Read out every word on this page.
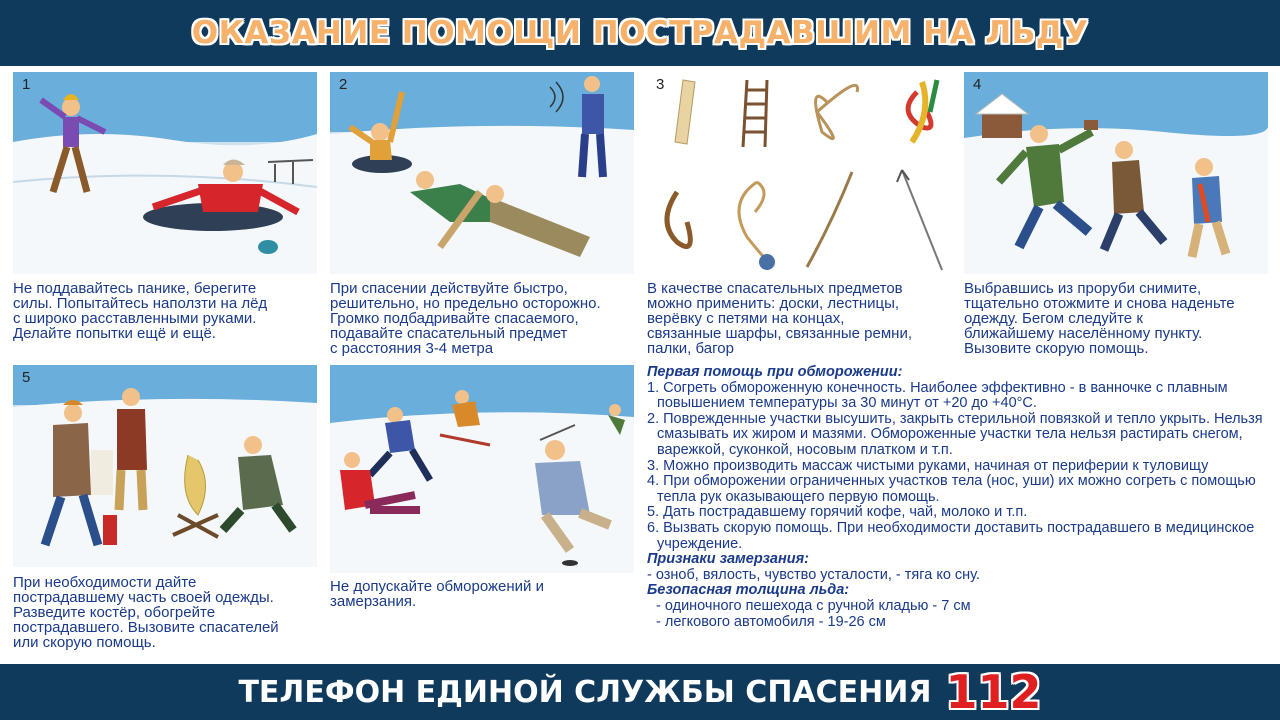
ОКАЗАНИЕ ПОМОЩИ ПОСТРАДАВШИМ НА ЛЬДУ
1
Не поддавайтесь панике, берегите
силы. Попытайтесь наползти на лёд
с широко расставленными руками.
Делайте попытки ещё и ещё.
2
При спасении действуйте быстро,
решительно, но предельно осторожно.
Громко подбадривайте спасаемого,
подавайте спасательный предмет
с расстояния 3-4 метра
3
В качестве спасательных предметов
можно применить: доски, лестницы,
верёвку с петями на концах,
связанные шарфы, связанные ремни,
палки, багор
4
Выбравшись из проруби снимите,
тщательно отожмите и снова наденьте
одежду. Бегом следуйте к
ближайшему населённому пункту.
Вызовите скорую помощь.
5
При необходимости дайте
пострадавшему часть своей одежды.
Разведите костёр, обогрейте
пострадавшего. Вызовите спасателей
или скорую помощь.
Не допускайте обморожений и
замерзания.
Первая помощь при обморожении:
1. Согреть обмороженную конечность. Наиболее эффективно - в ванночке с плавным повышением температуры за 30 минут от +20 до +40°С.
2. Поврежденные участки высушить, закрыть стерильной повязкой и тепло укрыть. Нельзя смазывать их жиром и мазями. Обмороженные участки тела нельзя растирать снегом, варежкой, суконкой, носовым платком и т.п.
3. Можно производить массаж чистыми руками, начиная от периферии к туловищу
4. При обморожении ограниченных участков тела (нос, уши) их можно согреть с помощью тепла рук оказывающего первую помощь.
5. Дать пострадавшему горячий кофе, чай, молоко и т.п.
6. Вызвать скорую помощь. При необходимости доставить пострадавшего в медицинское учреждение.
Признаки замерзания:
- озноб, вялость, чувство усталости, - тяга ко сну.
Безопасная толщина льда:
- одиночного пешехода с ручной кладью - 7 см
- легкового автомобиля - 19-26 см
ТЕЛЕФОН ЕДИНОЙ СЛУЖБЫ СПАСЕНИЯ 112
